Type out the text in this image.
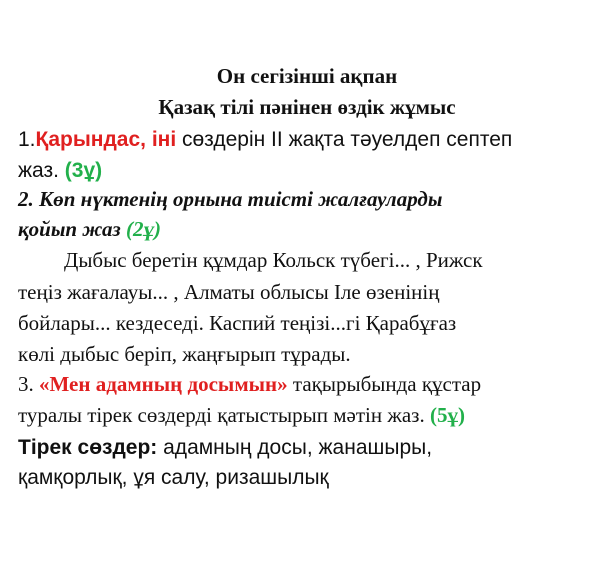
Он сегізінші ақпан
Қазақ тілі пәнінен өздік жұмыс
1.Қарындас, іні сөздерін ІІ жақта тәуелдеп септеп
жаз. (3ұ)
2. Көп нүктенің орнына тиісті жалғауларды
қойып жаз (2ұ)
Дыбыс беретін құмдар Кольск түбегі... , Рижск
теңіз жағалауы... , Алматы облысы Іле өзенінің
бойлары... кездеседі. Каспий теңізі...гі Қарабұғаз
көлі дыбыс беріп, жаңғырып тұрады.
3. «Мен адамның досымын» тақырыбында құстар
туралы тірек сөздерді қатыстырып мәтін жаз. (5ұ)
Тірек сөздер: адамның досы, жанашыры,
қамқорлық, ұя салу, ризашылық
